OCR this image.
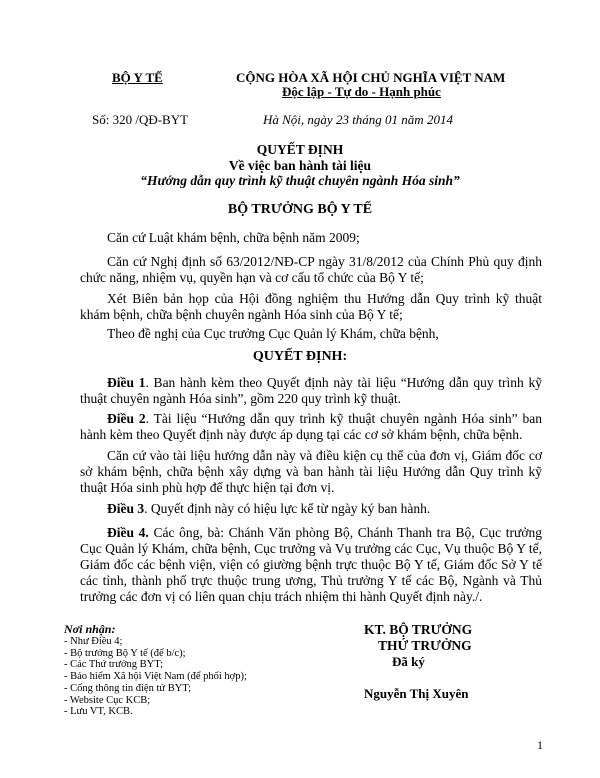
BỘ Y TẾ	CỘNG HÒA XÃ HỘI CHỦ NGHĨA VIỆT NAM
Độc lập - Tự do - Hạnh phúc
Số: 320 /QĐ-BYT	Hà Nội, ngày 23 tháng 01 năm 2014
QUYẾT ĐỊNH
Về việc ban hành tài liệu
“Hướng dẫn quy trình kỹ thuật chuyên ngành Hóa sinh”
BỘ TRƯỞNG BỘ Y TẾ
Căn cứ Luật khám bệnh, chữa bệnh năm 2009;
Căn cứ Nghị định số 63/2012/NĐ-CP ngày 31/8/2012 của Chính Phủ quy định chức năng, nhiệm vụ, quyền hạn và cơ cấu tổ chức của Bộ Y tế;
Xét Biên bản họp của Hội đồng nghiệm thu Hướng dẫn Quy trình kỹ thuật khám bệnh, chữa bệnh chuyên ngành Hóa sinh của Bộ Y tế;
Theo đề nghị của Cục trưởng Cục Quản lý Khám, chữa bệnh,
QUYẾT ĐỊNH:
Điều 1. Ban hành kèm theo Quyết định này tài liệu “Hướng dẫn quy trình kỹ thuật chuyên ngành Hóa sinh”, gồm 220 quy trình kỹ thuật.
Điều 2. Tài liệu “Hướng dẫn quy trình kỹ thuật chuyên ngành Hóa sinh” ban hành kèm theo Quyết định này được áp dụng tại các cơ sở khám bệnh, chữa bệnh.
Căn cứ vào tài liệu hướng dẫn này và điều kiện cụ thể của đơn vị, Giám đốc cơ sở khám bệnh, chữa bệnh xây dựng và ban hành tài liệu Hướng dẫn Quy trình kỹ thuật Hóa sinh phù hợp để thực hiện tại đơn vị.
Điều 3. Quyết định này có hiệu lực kể từ ngày ký ban hành.
Điều 4. Các ông, bà: Chánh Văn phòng Bộ, Chánh Thanh tra Bộ, Cục trưởng Cục Quản lý Khám, chữa bệnh, Cục trưởng và Vụ trưởng các Cục, Vụ thuộc Bộ Y tế, Giám đốc các bệnh viện, viện có giường bệnh trực thuộc Bộ Y tế, Giám đốc Sở Y tế các tỉnh, thành phố trực thuộc trung ương, Thủ trưởng Y tế các Bộ, Ngành và Thủ trưởng các đơn vị có liên quan chịu trách nhiệm thi hành Quyết định này./.
Nơi nhận:
- Như Điều 4;
- Bộ trưởng Bộ Y tế (để b/c);
- Các Thứ trưởng BYT;
- Bảo hiểm Xã hội Việt Nam (để phối hợp);
- Cổng thông tin điện tử BYT;
- Website Cục KCB;
- Lưu VT, KCB.
KT. BỘ TRƯỞNG
THỨ TRƯỞNG
Đã ký
Nguyễn Thị Xuyên
1
